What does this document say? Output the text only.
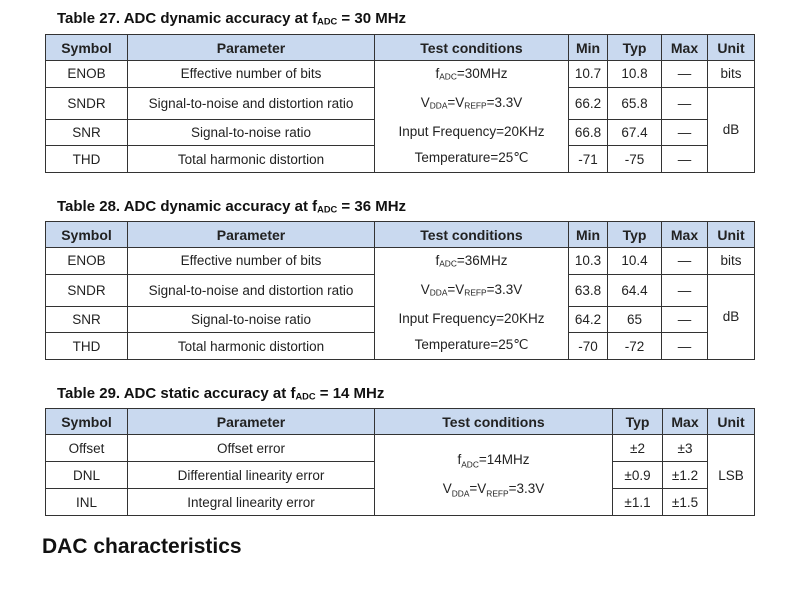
Table 27. ADC dynamic accuracy at $f_{ADC} = 30$ MHz
Symbol	Parameter	Test conditions	Min	Typ	Max	Unit
ENOB	Effective number of bits	$f_{ADC}=30MHz$
$V_{DDA}=V_{REFP}=3.3V$
Input Frequency=20KHz
Temperature=25℃	10.7	10.8	—	bits
SNDR	Signal-to-noise and distortion ratio		66.2	65.8	—	dB
SNR	Signal-to-noise ratio		66.8	67.4	—	
THD	Total harmonic distortion		-71	-75	—	
Table 28. ADC dynamic accuracy at $f_{ADC} = 36$ MHz
Symbol	Parameter	Test conditions	Min	Typ	Max	Unit
ENOB	Effective number of bits	$f_{ADC}=36MHz$
$V_{DDA}=V_{REFP}=3.3V$
Input Frequency=20KHz
Temperature=25℃	10.3	10.4	—	bits
SNDR	Signal-to-noise and distortion ratio		63.8	64.4	—	dB
SNR	Signal-to-noise ratio		64.2	65	—	
THD	Total harmonic distortion		-70	-72	—	
Table 29. ADC static accuracy at $f_{ADC} = 14$ MHz
Symbol	Parameter	Test conditions	Typ	Max	Unit
Offset	Offset error	$f_{ADC}=14MHz$
$V_{DDA}=V_{REFP}=3.3V$	±2	±3	LSB
DNL	Differential linearity error		±0.9	±1.2	
INL	Integral linearity error		±1.1	±1.5	
DAC characteristics
